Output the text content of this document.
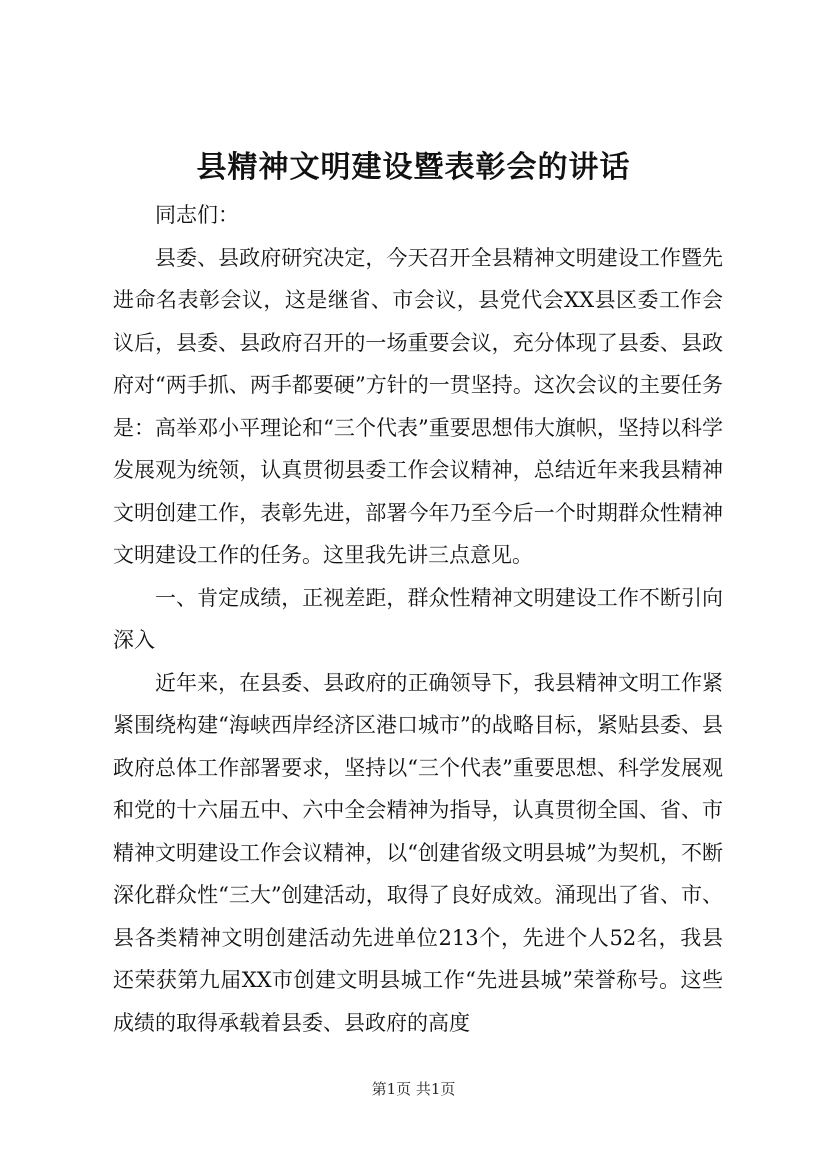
县精神文明建设暨表彰会的讲话

同志们：

县委、县政府研究决定，今天召开全县精神文明建设工作暨先进命名表彰会议，这是继省、市会议，县党代会XX县区委工作会议后，县委、县政府召开的一场重要会议，充分体现了县委、县政府对“两手抓、两手都要硬”方针的一贯坚持。这次会议的主要任务是：高举邓小平理论和“三个代表”重要思想伟大旗帜，坚持以科学发展观为统领，认真贯彻县委工作会议精神，总结近年来我县精神文明创建工作，表彰先进，部署今年乃至今后一个时期群众性精神文明建设工作的任务。这里我先讲三点意见。

一、肯定成绩，正视差距，群众性精神文明建设工作不断引向深入

近年来，在县委、县政府的正确领导下，我县精神文明工作紧紧围绕构建“海峡西岸经济区港口城市”的战略目标，紧贴县委、县政府总体工作部署要求，坚持以“三个代表”重要思想、科学发展观和党的十六届五中、六中全会精神为指导，认真贯彻全国、省、市精神文明建设工作会议精神，以“创建省级文明县城”为契机，不断深化群众性“三大”创建活动，取得了良好成效。涌现出了省、市、县各类精神文明创建活动先进单位213个，先进个人52名，我县还荣获第九届XX市创建文明县城工作“先进县城”荣誉称号。这些成绩的取得承载着县委、县政府的高度

第1页 共1页
